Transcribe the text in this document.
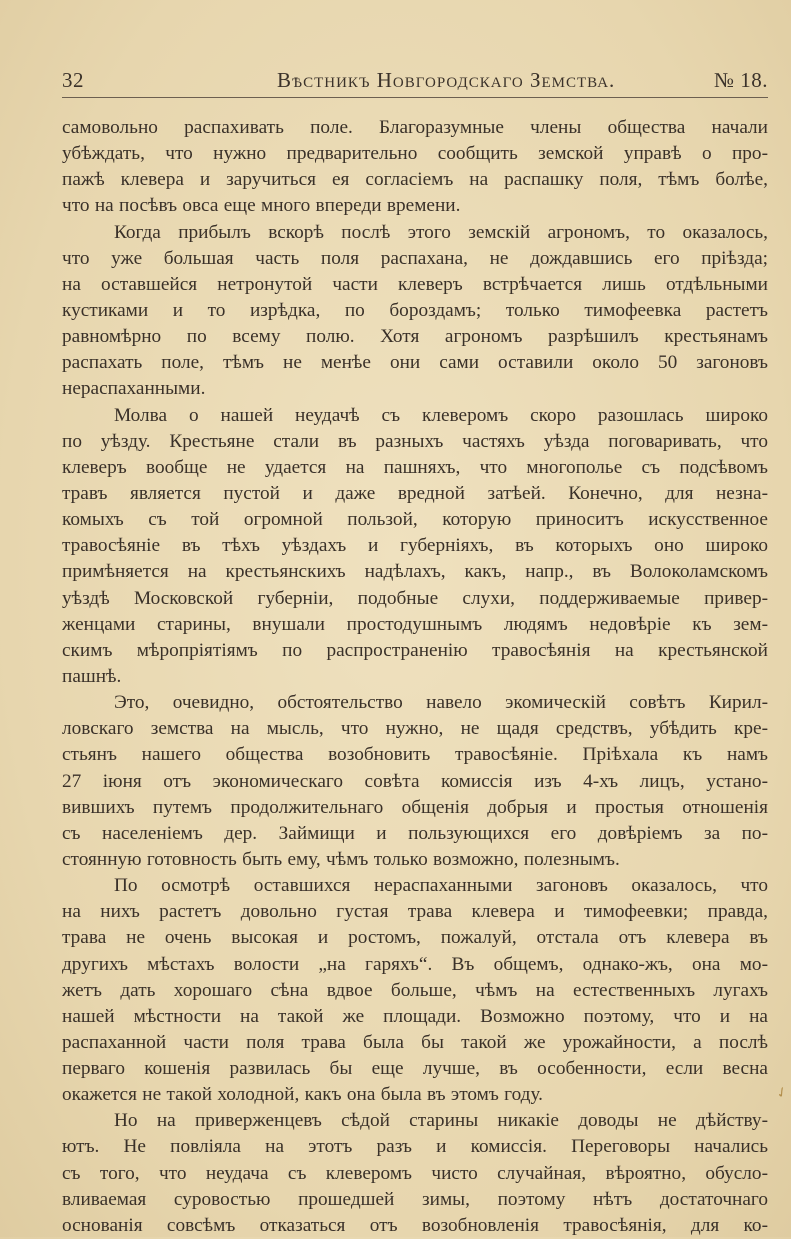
32	Вѣстникъ Новгородскаго Земства.	№ 18.
самовольно распахивать поле. Благоразумные члены общества начали
убѣждать, что нужно предварительно сообщить земской управѣ о про-
пажѣ клевера и заручиться ея согласіемъ на распашку поля, тѣмъ болѣе,
что на посѣвъ овса еще много впереди времени.
Когда прибылъ вскорѣ послѣ этого земскій агрономъ, то оказалось,
что уже большая часть поля распахана, не дождавшись его пріѣзда;
на оставшейся нетронутой части клеверъ встрѣчается лишь отдѣльными
кустиками и то изрѣдка, по бороздамъ; только тимофеевка растетъ
равномѣрно по всему полю. Хотя агрономъ разрѣшилъ крестьянамъ
распахать поле, тѣмъ не менѣе они сами оставили около 50 загоновъ
нераспаханными.
Молва о нашей неудачѣ съ клеверомъ скоро разошлась широко
по уѣзду. Крестьяне стали въ разныхъ частяхъ уѣзда поговаривать, что
клеверъ вообще не удается на пашняхъ, что многополье съ подсѣвомъ
травъ является пустой и даже вредной затѣей. Конечно, для незна-
комыхъ съ той огромной пользой, которую приноситъ искусственное
травосѣяніе въ тѣхъ уѣздахъ и губерніяхъ, въ которыхъ оно широко
примѣняется на крестьянскихъ надѣлахъ, какъ, напр., въ Волоколамскомъ
уѣздѣ Московской губерніи, подобные слухи, поддерживаемые привер-
женцами старины, внушали простодушнымъ людямъ недовѣріе къ зем-
скимъ мѣропріятіямъ по распространенію травосѣянія на крестьянской
пашнѣ.
Это, очевидно, обстоятельство навело экомическій совѣтъ Кирил-
ловскаго земства на мысль, что нужно, не щадя средствъ, убѣдить кре-
стьянъ нашего общества возобновить травосѣяніе. Пріѣхала къ намъ
27 іюня отъ экономическаго совѣта комиссія изъ 4-хъ лицъ, устано-
вившихъ путемъ продолжительнаго общенія добрыя и простыя отношенія
съ населеніемъ дер. Займищи и пользующихся его довѣріемъ за по-
стоянную готовность быть ему, чѣмъ только возможно, полезнымъ.
По осмотрѣ оставшихся нераспаханными загоновъ оказалось, что
на нихъ растетъ довольно густая трава клевера и тимофеевки; правда,
трава не очень высокая и ростомъ, пожалуй, отстала отъ клевера въ
другихъ мѣстахъ волости „на гаряхъ“. Въ общемъ, однако-жъ, она мо-
жетъ дать хорошаго сѣна вдвое больше, чѣмъ на естественныхъ лугахъ
нашей мѣстности на такой же площади. Возможно поэтому, что и на
распаханной части поля трава была бы такой же урожайности, а послѣ
перваго кошенія развилась бы еще лучше, въ особенности, если весна
окажется не такой холодной, какъ она была въ этомъ году.
Но на приверженцевъ сѣдой старины никакіе доводы не дѣйству-
ютъ. Не повліяла на этотъ разъ и комиссія. Переговоры начались
съ того, что неудача съ клеверомъ чисто случайная, вѣроятно, обусло-
вливаемая суровостью прошедшей зимы, поэтому нѣтъ достаточнаго
основанія совсѣмъ отказаться отъ возобновленія травосѣянія, для ко-
✓
